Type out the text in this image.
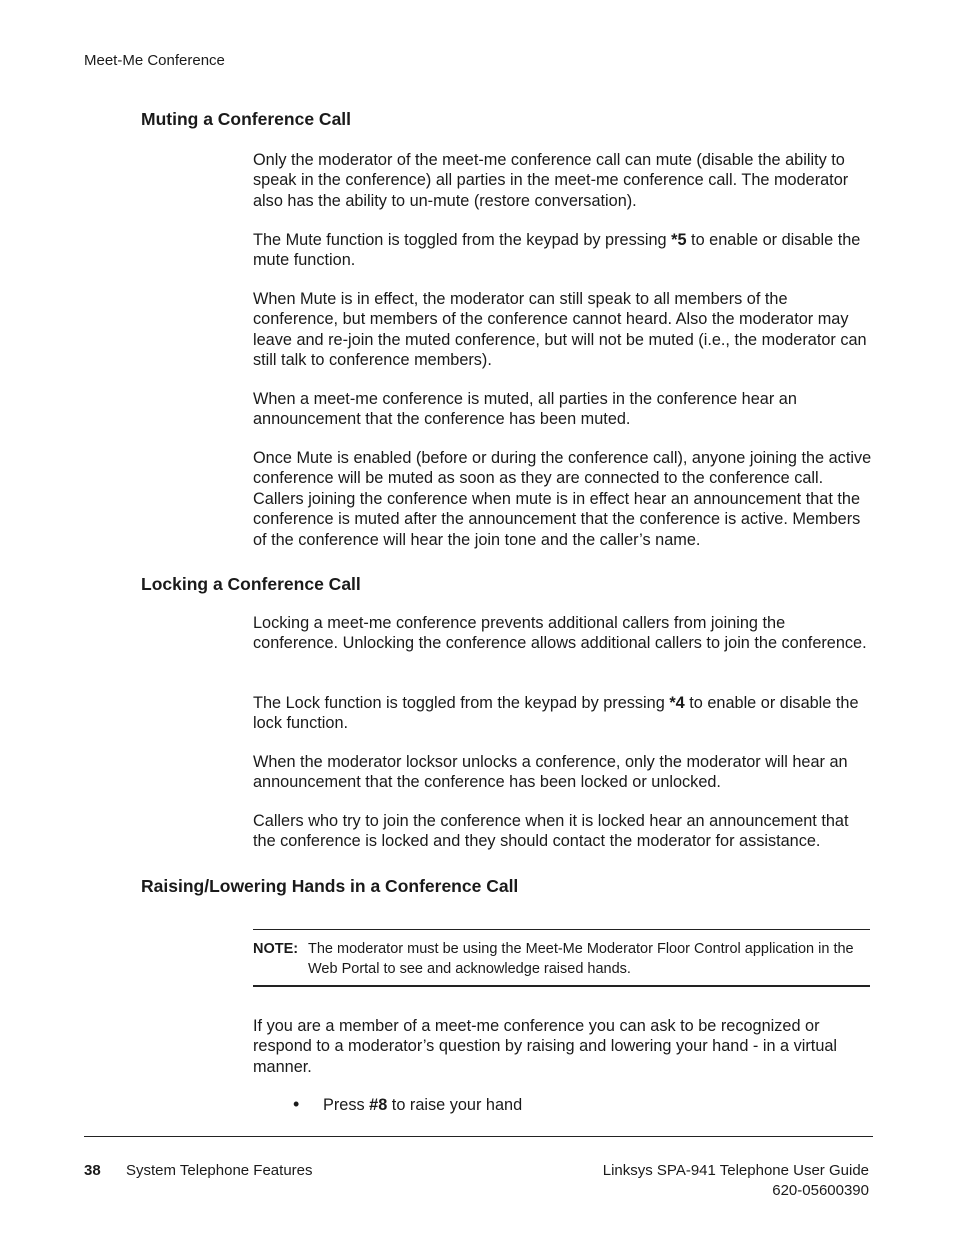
Meet-Me Conference
Muting a Conference Call
Only the moderator of the meet-me conference call can mute (disable the ability to speak in the conference) all parties in the meet-me conference call. The moderator also has the ability to un-mute (restore conversation).
The Mute function is toggled from the keypad by pressing *5 to enable or disable the mute function.
When Mute is in effect, the moderator can still speak to all members of the conference, but members of the conference cannot heard. Also the moderator may leave and re-join the muted conference, but will not be muted (i.e., the moderator can still talk to conference members).
When a meet-me conference is muted, all parties in the conference hear an announcement that the conference has been muted.
Once Mute is enabled (before or during the conference call), anyone joining the active conference will be muted as soon as they are connected to the conference call. Callers joining the conference when mute is in effect hear an announcement that the conference is muted after the announcement that the conference is active. Members of the conference will hear the join tone and the caller’s name.
Locking a Conference Call
Locking a meet-me conference prevents additional callers from joining the conference. Unlocking the conference allows additional callers to join the conference.
The Lock function is toggled from the keypad by pressing *4 to enable or disable the lock function.
When the moderator locksor unlocks a conference, only the moderator will hear an announcement that the conference has been locked or unlocked.
Callers who try to join the conference when it is locked hear an announcement that the conference is locked and they should contact the moderator for assistance.
Raising/Lowering Hands in a Conference Call
NOTE: The moderator must be using the Meet-Me Moderator Floor Control application in the Web Portal to see and acknowledge raised hands.
If you are a member of a meet-me conference you can ask to be recognized or respond to a moderator’s question by raising and lowering your hand - in a virtual manner.
• Press #8 to raise your hand
38 System Telephone Features	Linksys SPA-941 Telephone User Guide
620-05600390
